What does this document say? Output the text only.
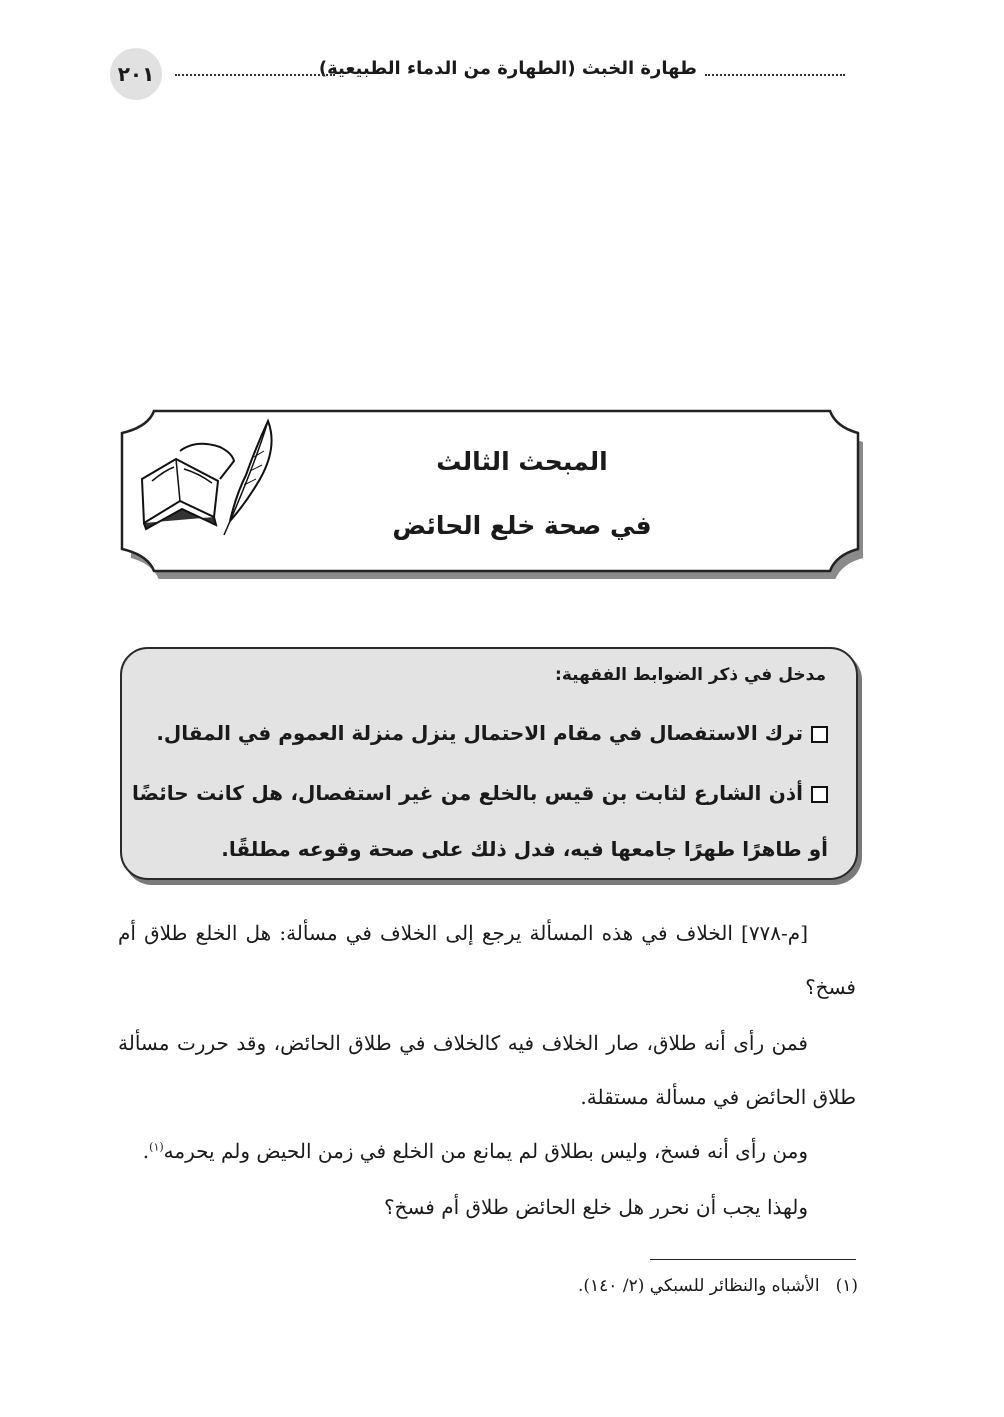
طهارة الخبث (الطهارة من الدماء الطبيعية)
٢٠١
المبحث الثالث
في صحة خلع الحائض
مدخل في ذكر الضوابط الفقهية:
ترك الاستفصال في مقام الاحتمال ينزل منزلة العموم في المقال.
أذن الشارع لثابت بن قيس بالخلع من غير استفصال، هل كانت حائضًا أو طاهرًا طهرًا جامعها فيه، فدل ذلك على صحة وقوعه مطلقًا.
[م-٧٧٨] الخلاف في هذه المسألة يرجع إلى الخلاف في مسألة: هل الخلع طلاق أم فسخ؟
فمن رأى أنه طلاق، صار الخلاف فيه كالخلاف في طلاق الحائض، وقد حررت مسألة طلاق الحائض في مسألة مستقلة.
ومن رأى أنه فسخ، وليس بطلاق لم يمانع من الخلع في زمن الحيض ولم يحرمه$^{(١)}$.
ولهذا يجب أن نحرر هل خلع الحائض طلاق أم فسخ؟
(١)الأشباه والنظائر للسبكي (٢/ ١٤٠).
